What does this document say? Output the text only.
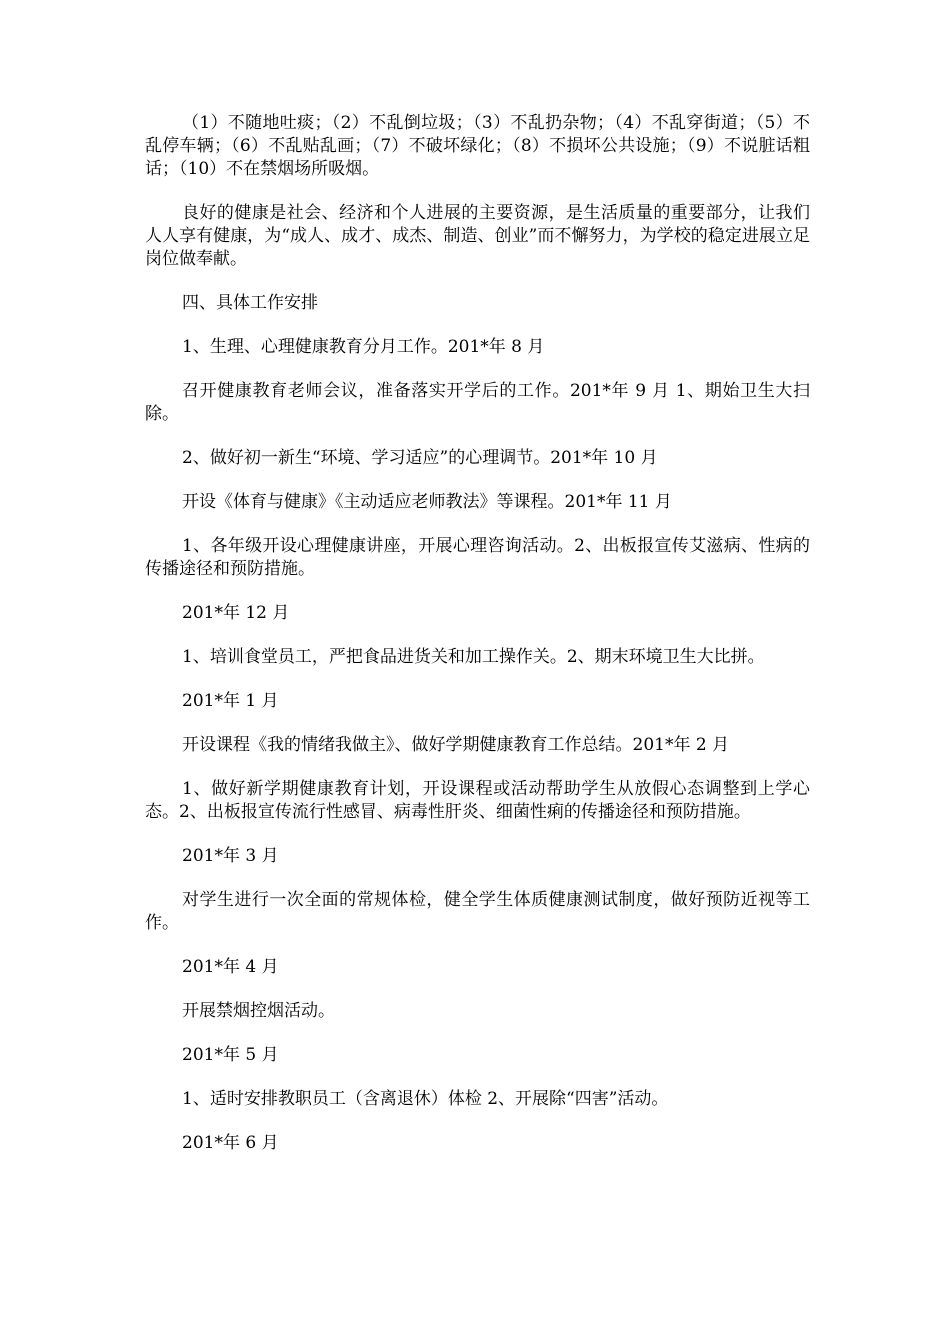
（1）不随地吐痰；（2）不乱倒垃圾；（3）不乱扔杂物；（4）不乱穿街道；（5）不乱停车辆；（6）不乱贴乱画；（7）不破坏绿化；（8）不损坏公共设施；（9）不说脏话粗话；（10）不在禁烟场所吸烟。

良好的健康是社会、经济和个人进展的主要资源，是生活质量的重要部分，让我们人人享有健康，为“成人、成才、成杰、制造、创业”而不懈努力，为学校的稳定进展立足岗位做奉献。

四、具体工作安排

1、生理、心理健康教育分月工作。201*年 8 月

召开健康教育老师会议，准备落实开学后的工作。201*年 9 月 1、期始卫生大扫除。

2、做好初一新生“环境、学习适应”的心理调节。201*年 10 月

开设《体育与健康》《主动适应老师教法》等课程。201*年 11 月

1、各年级开设心理健康讲座，开展心理咨询活动。2、出板报宣传艾滋病、性病的传播途径和预防措施。

201*年 12 月

1、培训食堂员工，严把食品进货关和加工操作关。2、期末环境卫生大比拼。

201*年 1 月

开设课程《我的情绪我做主》、做好学期健康教育工作总结。201*年 2 月

1、做好新学期健康教育计划，开设课程或活动帮助学生从放假心态调整到上学心态。2、出板报宣传流行性感冒、病毒性肝炎、细菌性痢的传播途径和预防措施。

201*年 3 月

对学生进行一次全面的常规体检，健全学生体质健康测试制度，做好预防近视等工作。

201*年 4 月

开展禁烟控烟活动。

201*年 5 月

1、适时安排教职员工（含离退休）体检 2、开展除“四害”活动。

201*年 6 月
